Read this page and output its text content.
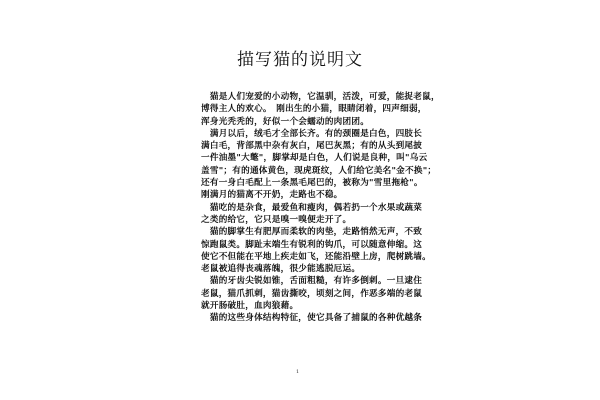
描写猫的说明文
　猫是人们宠爱的小动物，它温驯，活泼，可爱，能捉老鼠，
博得主人的欢心。　刚出生的小猫，眼睛闭着，四声细弱，
浑身光秃秃的，好似一个会蠕动的肉团团。
　满月以后，绒毛才全部长齐。有的颈圈是白色，四肢长
满白毛，背部黑中杂有灰白，尾巴灰黑；有的从头到尾披
一件油墨"大氅"，脚掌却是白色，人们说是良种，叫"乌云
盖雪"；有的通体黄色，现虎斑纹，人们给它美名"金不换"；
还有一身白毛配上一条黑毛尾巴的，被称为"雪里拖枪"。
刚满月的猫离不开奶，走路也不稳。
　猫吃的是杂食，最爱鱼和瘦肉，偶若扔一个水果或蔬菜
之类的给它，它只是嗅一嗅便走开了。
　猫的脚掌生有肥厚而柔软的肉垫，走路悄然无声，不致
惊跑鼠类。脚趾末端生有锐利的钩爪，可以随意伸缩。这
使它不但能在平地上疾走如飞，还能沿壁上房，爬树跳墙。
老鼠被追得丧魂落魄，很少能逃脱厄运。
　猫的牙齿尖锐如锥，舌面粗糙，有许多倒刺。一旦逮住
老鼠，猫爪抓刺，猫齿撕咬，顷刻之间，作恶多端的老鼠
就开肠破肚，血肉狼藉。
　猫的这些身体结构特征，使它具备了捕鼠的各种优越条
1
